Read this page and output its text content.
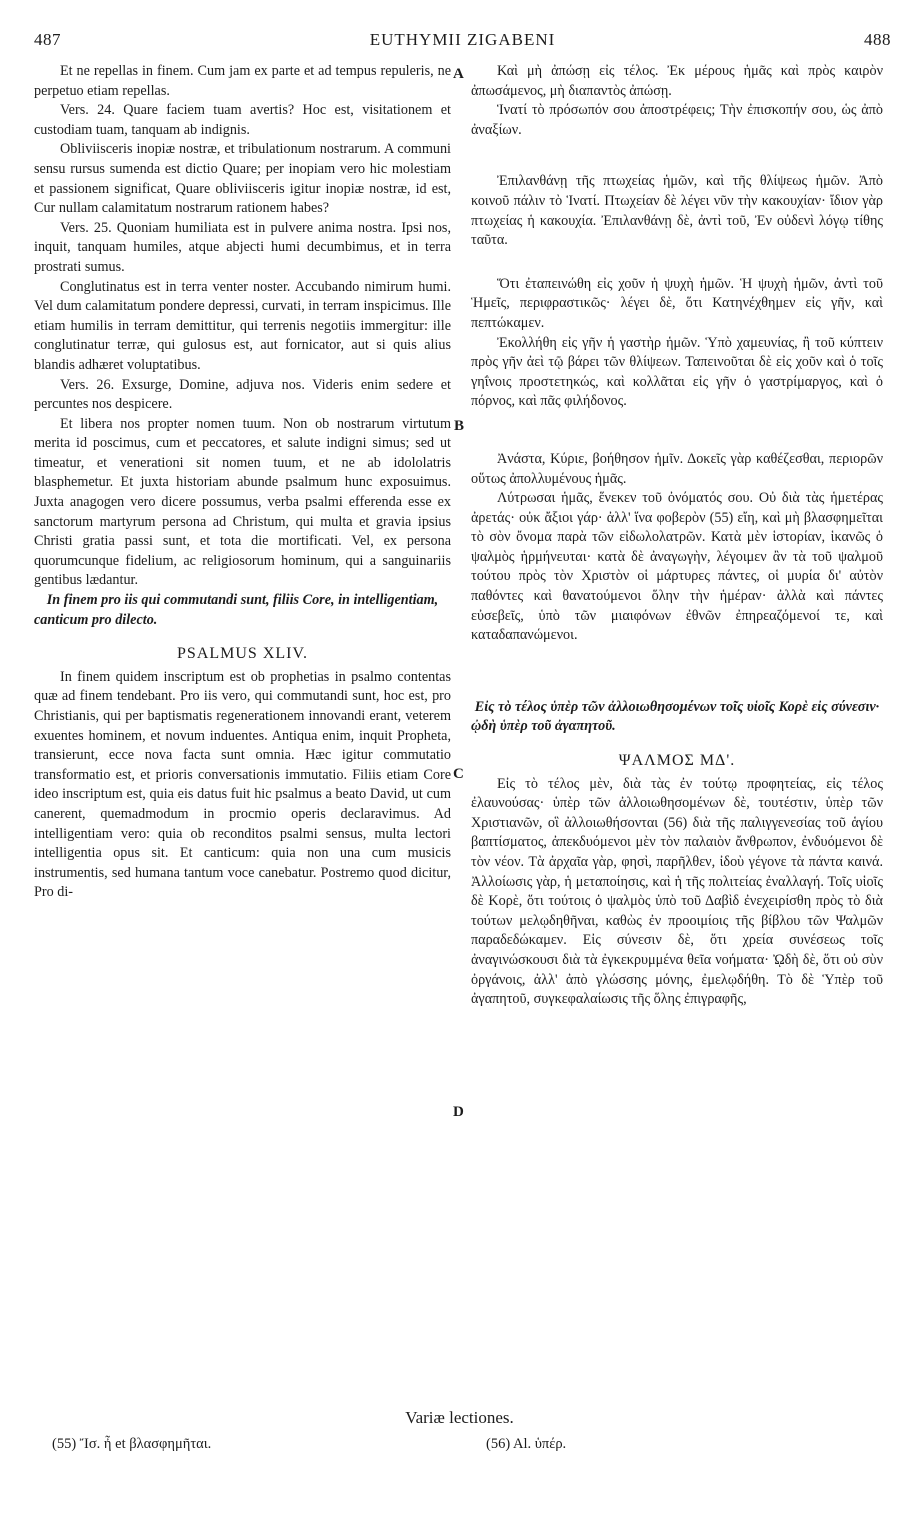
487	EUTHYMII ZIGABENI	488
A
B
C
D

Et ne repellas in finem. Cum jam ex parte et ad tempus repuleris, ne perpetuo etiam repellas.

Vers. 24. Quare faciem tuam avertis? Hoc est, visitationem et custodiam tuam, tanquam ab indignis.

Obliviisceris inopiæ nostræ, et tribulationum nostrarum. A communi sensu rursus sumenda est dictio Quare; per inopiam vero hic molestiam et passionem significat, Quare obliviisceris igitur inopiæ nostræ, id est, Cur nullam calamitatum nostrarum rationem habes?

Vers. 25. Quoniam humiliata est in pulvere anima nostra. Ipsi nos, inquit, tanquam humiles, atque abjecti humi decumbimus, et in terra prostrati sumus.

Conglutinatus est in terra venter noster. Accubando nimirum humi. Vel dum calamitatum pondere depressi, curvati, in terram inspicimus. Ille etiam humilis in terram demittitur, qui terrenis negotiis immergitur: ille conglutinatur terræ, qui gulosus est, aut fornicator, aut si quis alius blandis adhæret voluptatibus.

Vers. 26. Exsurge, Domine, adjuva nos. Videris enim sedere et percuntes nos despicere.

Et libera nos propter nomen tuum. Non ob nostrarum virtutum merita id poscimus, cum et peccatores, et salute indigni simus; sed ut timeatur, et venerationi sit nomen tuum, et ne ab idololatris blasphemetur. Et juxta historiam abunde psalmum hunc exposuimus. Juxta anagogen vero dicere possumus, verba psalmi efferenda esse ex sanctorum martyrum persona ad Christum, qui multa et gravia ipsius Christi gratia passi sunt, et tota die mortificati. Vel, ex persona quorumcunque fidelium, ac religiosorum hominum, qui a sanguinariis gentibus lædantur.

In finem pro iis qui commutandi sunt, filiis Core, in intelligentiam, canticum pro dilecto.

PSALMUS XLIV.

In finem quidem inscriptum est ob prophetias in psalmo contentas quæ ad finem tendebant. Pro iis vero, qui commutandi sunt, hoc est, pro Christianis, qui per baptismatis regenerationem innovandi erant, veterem exuentes hominem, et novum induentes. Antiqua enim, inquit Propheta, transierunt, ecce nova facta sunt omnia. Hæc igitur commutatio transformatio est, et prioris conversationis immutatio. Filiis etiam Core ideo inscriptum est, quia eis datus fuit hic psalmus a beato David, ut cum canerent, quemadmodum in procmio operis declaravimus. Ad intelligentiam vero: quia ob reconditos psalmi sensus, multa lectori intelligentia opus sit. Et canticum: quia non una cum musicis instrumentis, sed humana tantum voce canebatur. Postremo quod dicitur, Pro di-

Καὶ μὴ ἀπώσῃ εἰς τέλος. Ἐκ μέρους ἡμᾶς καὶ πρὸς καιρὸν ἀπωσάμενος, μὴ διαπαντὸς ἀπώσῃ.

Ἱνατί τὸ πρόσωπόν σου ἀποστρέφεις; Τὴν ἐπισκοπήν σου, ὡς ἀπὸ ἀναξίων.

Ἐπιλανθάνῃ τῆς πτωχείας ἡμῶν, καὶ τῆς θλίψεως ἡμῶν. Ἀπὸ κοινοῦ πάλιν τὸ Ἱνατί. Πτωχείαν δὲ λέγει νῦν τὴν κακουχίαν· ἴδιον γὰρ πτωχείας ἡ κακουχία. Ἐπιλανθάνῃ δὲ, ἀντὶ τοῦ, Ἐν οὐδενὶ λόγῳ τίθης ταῦτα.

Ὅτι ἐταπεινώθη εἰς χοῦν ἡ ψυχὴ ἡμῶν. Ἡ ψυχὴ ἡμῶν, ἀντὶ τοῦ Ἡμεῖς, περιφραστικῶς· λέγει δὲ, ὅτι Κατηνέχθημεν εἰς γῆν, καὶ πεπτώκαμεν.

Ἐκολλήθη εἰς γῆν ἡ γαστὴρ ἡμῶν. Ὑπὸ χαμευνίας, ἢ τοῦ κύπτειν πρὸς γῆν ἀεὶ τῷ βάρει τῶν θλίψεων. Ταπεινοῦται δὲ εἰς χοῦν καὶ ὁ τοῖς γηΐνοις προστετηκώς, καὶ κολλᾶται εἰς γῆν ὁ γαστρίμαργος, καὶ ὁ πόρνος, καὶ πᾶς φιλήδονος.

Ἀνάστα, Κύριε, βοήθησον ἡμῖν. Δοκεῖς γὰρ καθέζεσθαι, περιορῶν οὕτως ἀπολλυμένους ἡμᾶς.

Λύτρωσαι ἡμᾶς, ἕνεκεν τοῦ ὀνόματός σου. Οὐ διὰ τὰς ἡμετέρας ἀρετάς· οὐκ ἄξιοι γάρ· ἀλλ' ἵνα φοβερὸν (55) εἴη, καὶ μὴ βλασφημεῖται τὸ σὸν ὄνομα παρὰ τῶν εἰδωλολατρῶν. Κατὰ μὲν ἱστορίαν, ἱκανῶς ὁ ψαλμὸς ἡρμήνευται· κατὰ δὲ ἀναγωγὴν, λέγοιμεν ἂν τὰ τοῦ ψαλμοῦ τούτου πρὸς τὸν Χριστὸν οἱ μάρτυρες πάντες, οἱ μυρία δι' αὐτὸν παθόντες καὶ θανατούμενοι ὅλην τὴν ἡμέραν· ἀλλὰ καὶ πάντες εὐσεβεῖς, ὑπὸ τῶν μιαιφόνων ἐθνῶν ἐπηρεαζόμενοί τε, καὶ καταδαπανώμενοι.

Εἰς τὸ τέλος ὑπὲρ τῶν ἀλλοιωθησομένων τοῖς υἱοῖς Κορὲ εἰς σύνεσιν· ᾠδὴ ὑπὲρ τοῦ ἀγαπητοῦ.

ΨΑΛΜΟΣ ΜΔ'.

Εἰς τὸ τέλος μὲν, διὰ τὰς ἐν τούτῳ προφητείας, εἰς τέλος ἐλαυνούσας· ὑπὲρ τῶν ἀλλοιωθησομένων δὲ, τουτέστιν, ὑπὲρ τῶν Χριστιανῶν, οἳ ἀλλοιωθήσονται (56) διὰ τῆς παλιγγενεσίας τοῦ ἁγίου βαπτίσματος, ἀπεκδυόμενοι μὲν τὸν παλαιὸν ἄνθρωπον, ἐνδυόμενοι δὲ τὸν νέον. Τὰ ἀρχαῖα γὰρ, φησὶ, παρῆλθεν, ἰδοὺ γέγονε τὰ πάντα καινά. Ἀλλοίωσις γὰρ, ἡ μεταποίησις, καὶ ἡ τῆς πολιτείας ἐναλλαγή. Τοῖς υἱοῖς δὲ Κορὲ, ὅτι τούτοις ὁ ψαλμὸς ὑπὸ τοῦ Δαβὶδ ἐνεχειρίσθη πρὸς τὸ διὰ τούτων μελῳδηθῆναι, καθὼς ἐν προοιμίοις τῆς βίβλου τῶν Ψαλμῶν παραδεδώκαμεν. Εἰς σύνεσιν δὲ, ὅτι χρεία συνέσεως τοῖς ἀναγινώσκουσι διὰ τὰ ἐγκεκρυμμένα θεῖα νοήματα· ᾨδὴ δὲ, ὅτι οὐ σὺν ὀργάνοις, ἀλλ' ἀπὸ γλώσσης μόνης, ἐμελῳδήθη. Τὸ δὲ Ὑπὲρ τοῦ ἀγαπητοῦ, συγκεφαλαίωσις τῆς ὅλης ἐπιγραφῆς,

Variæ lectiones.
(55) Ἴσ. ἦ et βλασφημῆται.	(56) Al. ὑπέρ.
